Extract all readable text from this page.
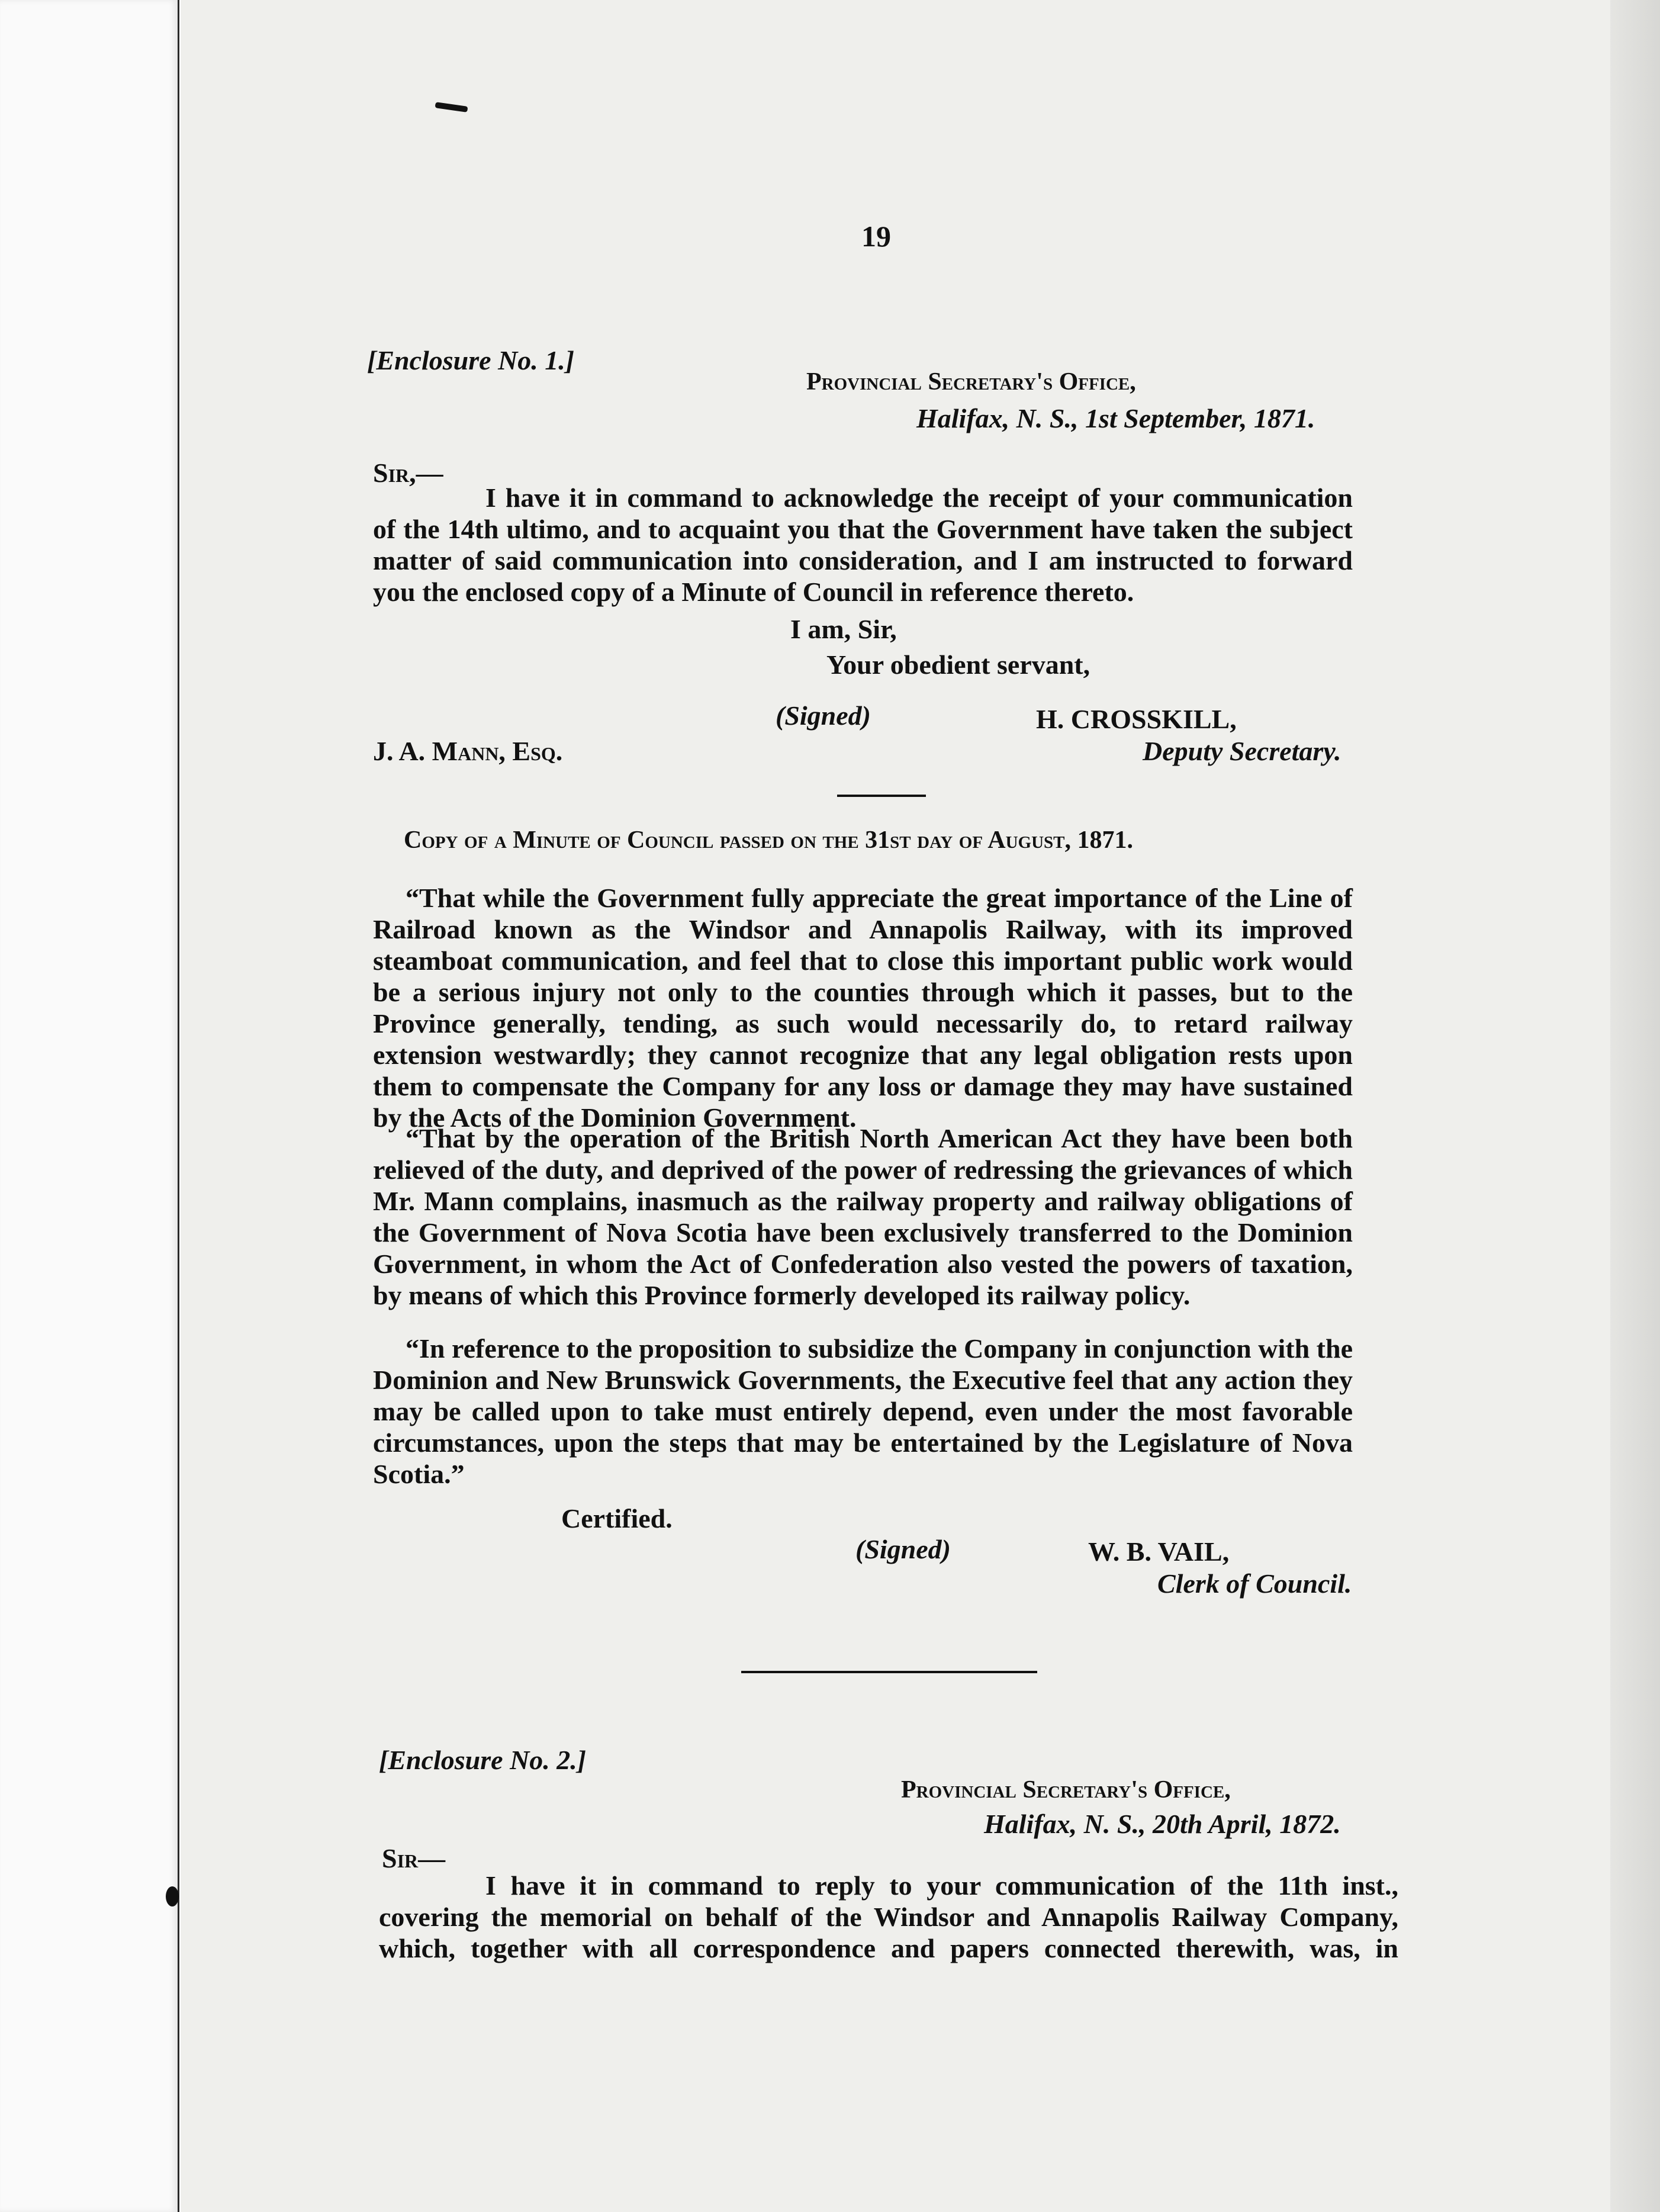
19
[Enclosure No. 1.]
Provincial Secretary's Office,
Halifax, N. S., 1st September, 1871.
Sir,—
I have it in command to acknowledge the receipt of your communication of the 14th ultimo, and to acquaint you that the Government have taken the subject matter of said communication into consideration, and I am instructed to forward you the enclosed copy of a Minute of Council in reference thereto.
I am, Sir,
Your obedient servant,
(Signed)	H. CROSSKILL,
J. A. Mann, Esq.	Deputy Secretary.
Copy of a Minute of Council passed on the 31st day of August, 1871.
“That while the Government fully appreciate the great importance of the Line of Railroad known as the Windsor and Annapolis Railway, with its improved steamboat communication, and feel that to close this important public work would be a serious injury not only to the counties through which it passes, but to the Province generally, tending, as such would necessarily do, to retard railway extension westwardly; they cannot recognize that any legal obligation rests upon them to compensate the Company for any loss or damage they may have sustained by the Acts of the Dominion Government.
“That by the operation of the British North American Act they have been both relieved of the duty, and deprived of the power of redressing the grievances of which Mr. Mann complains, inasmuch as the railway property and railway obligations of the Government of Nova Scotia have been exclusively transferred to the Dominion Government, in whom the Act of Confederation also vested the powers of taxation, by means of which this Province formerly developed its railway policy.
“In reference to the proposition to subsidize the Company in conjunction with the Dominion and New Brunswick Governments, the Executive feel that any action they may be called upon to take must entirely depend, even under the most favorable circumstances, upon the steps that may be entertained by the Legislature of Nova Scotia.”
Certified.
(Signed)	W. B. VAIL,
Clerk of Council.
[Enclosure No. 2.]
Provincial Secretary's Office,
Halifax, N. S., 20th April, 1872.
Sir—
I have it in command to reply to your communication of the 11th inst., covering the memorial on behalf of the Windsor and Annapolis Railway Company, which, together with all correspondence and papers connected therewith, was, in
